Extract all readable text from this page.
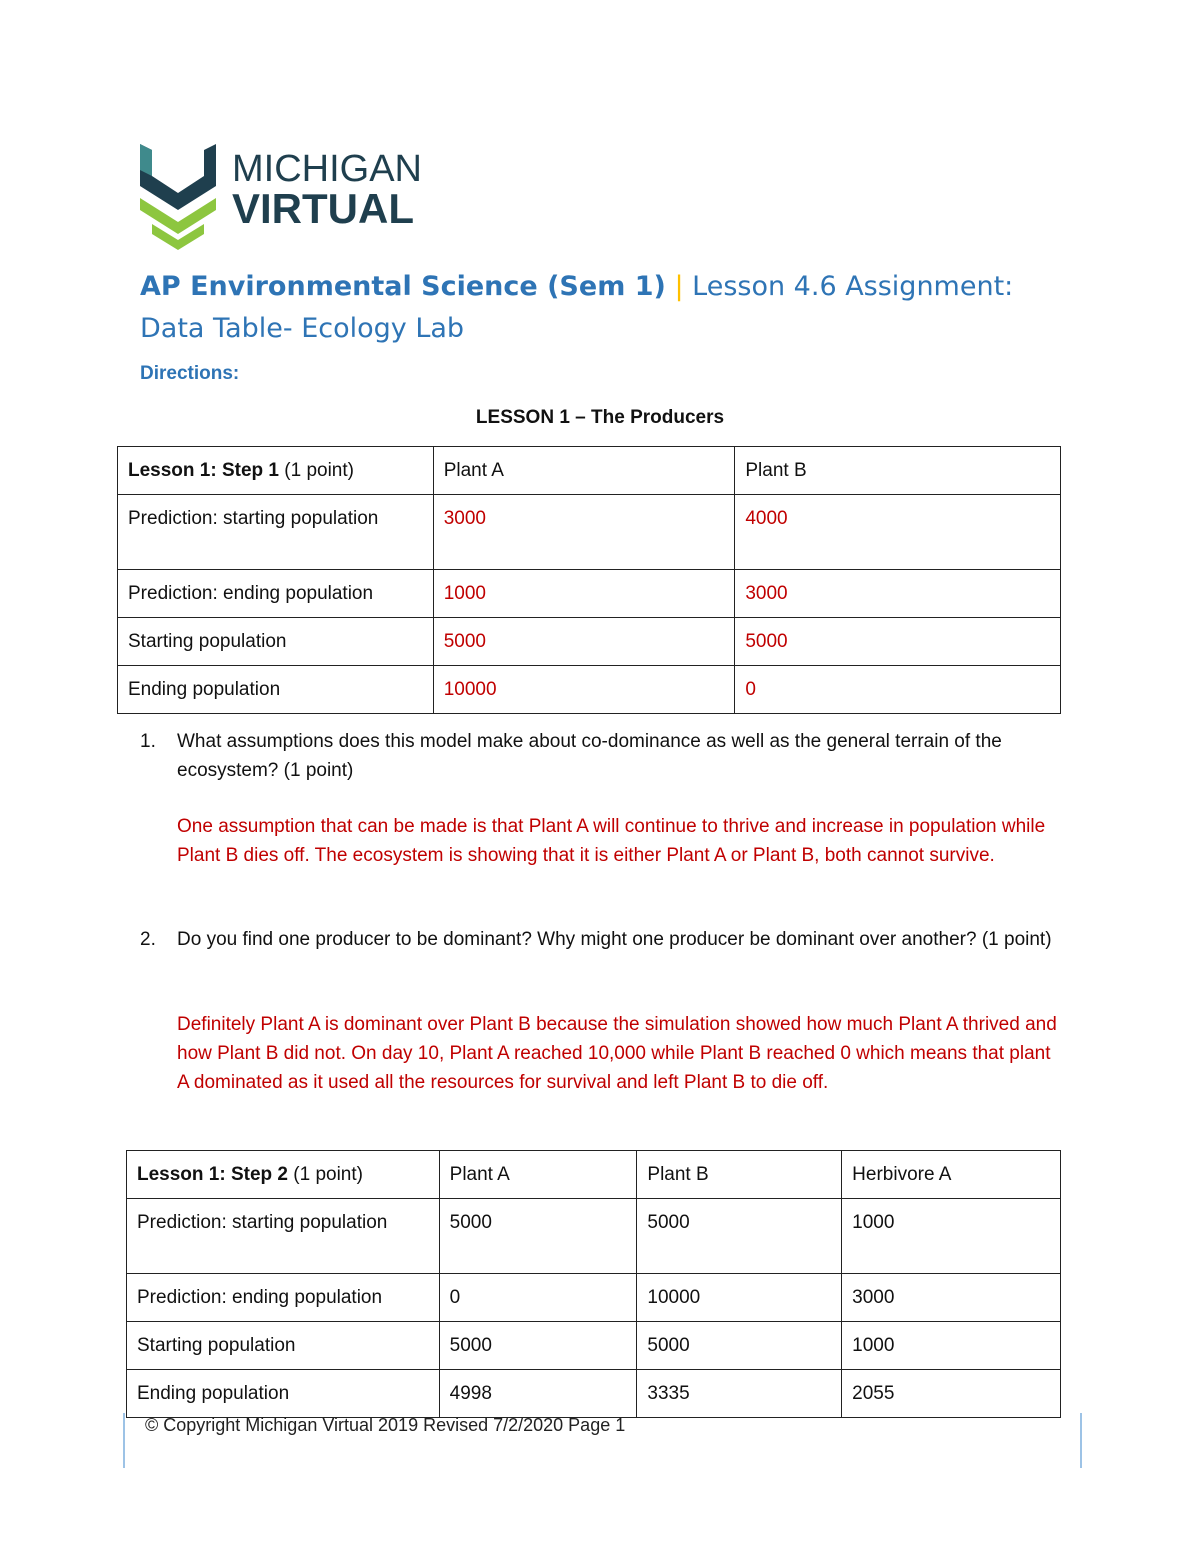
MICHIGAN
VIRTUAL
AP Environmental Science (Sem 1) | Lesson 4.6 Assignment: Data Table- Ecology Lab
Directions:
LESSON 1 – The Producers
Lesson 1: Step 1 (1 point)	Plant A	Plant B
Prediction: starting population	3000	4000
Prediction: ending population	1000	3000
Starting population	5000	5000
Ending population	10000	0
1.	What assumptions does this model make about co-dominance as well as the general terrain of the ecosystem? (1 point)
One assumption that can be made is that Plant A will continue to thrive and increase in population while Plant B dies off. The ecosystem is showing that it is either Plant A or Plant B, both cannot survive.
2.	Do you find one producer to be dominant? Why might one producer be dominant over another? (1 point)
Definitely Plant A is dominant over Plant B because the simulation showed how much Plant A thrived and how Plant B did not. On day 10, Plant A reached 10,000 while Plant B reached 0 which means that plant A dominated as it used all the resources for survival and left Plant B to die off.
Lesson 1: Step 2 (1 point)	Plant A	Plant B	Herbivore A
Prediction: starting population	5000	5000	1000
Prediction: ending population	0	10000	3000
Starting population	5000	5000	1000
Ending population	4998	3335	2055
© Copyright Michigan Virtual 2019 Revised 7/2/2020 Page 1
